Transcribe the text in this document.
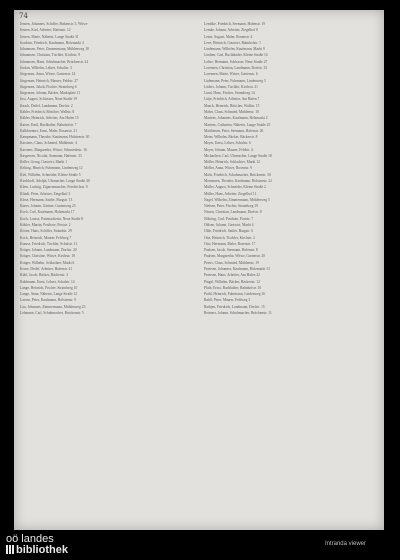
74
Jensen, Johannes, Schiffer, Birkenstr. 5, Witwe
Jensen, Karl, Arbeiter, Hafenstr. 12
Jensen, Marie, Näherin, Lange Straße 31
Joachim, Friedrich, Kaufmann, Holzmarkt 4
Johannsen, Peter, Zimmermann, Mühlenweg 18
Johannsen, Christian, Tischler, Kirchstr. 9
Johannsen, Hans, Schuhmacher, Brückenstr. 22
Jordan, Wilhelm, Lehrer, Schulstr. 3
Jörgensen, Anna, Witwe, Gartenstr. 14
Jörgensen, Heinrich, Maurer, Feldstr. 27
Jürgensen, Jakob, Fischer, Strandweg 6
Jürgensen, Johann, Bäcker, Marktplatz 11
Just, August, Schlosser, Neue Straße 19
Kaack, Detlef, Landmann, Dorfstr. 2
Kähler, Friedrich, Böttcher, Wallstr. 8
Kähler, Heinrich, Arbeiter, Am Hafen 15
Kaiser, Emil, Buchhalter, Bahnhofstr. 7
Kalkbrenner, Ernst, Maler, Rosenstr. 21
Kampmann, Theodor, Kaufmann, Holstenstr. 30
Karstens, Claus, Schmied, Mühlenstr. 4
Karstens, Margaretha, Witwe, Schmiedestr. 16
Kaspersen, Nicolai, Seemann, Hafenstr. 33
Keller, Georg, Gastwirt, Markt 1
Kelting, Hinrich, Fuhrmann, Lindenweg 12
Kiel, Wilhelm, Schneider, Kleine Straße 5
Kirchhoff, Adolph, Uhrmacher, Lange Straße 40
Klein, Ludwig, Zigarrenmacher, Friedrichstr. 9
Klindt, Peter, Arbeiter, Ziegelhof 3
Klose, Hermann, Sattler, Burgstr. 13
Knees, Johann, Gärtner, Gartenweg 25
Koch, Carl, Kaufmann, Holzmarkt 17
Koch, Louise, Putzmacherin, Neue Straße 8
Köhler, Martin, Postbote, Poststr. 2
Köster, Hans, Schiffer, Strandstr. 29
Kock, Heinrich, Maurer, Feldweg 7
Krause, Friedrich, Tischler, Schulstr. 11
Kröger, Johann, Landmann, Dorfstr. 20
Kröger, Christine, Witwe, Kirchstr. 18
Krüger, Wilhelm, Schlachter, Markt 6
Kruse, Detlef, Arbeiter, Hafenstr. 41
Kühl, Jacob, Bäcker, Bäckerstr. 3
Kuhlmann, Ernst, Lehrer, Schulstr. 14
Lange, Heinrich, Fischer, Strandweg 10
Lange, Anna, Näherin, Lange Straße 12
Lassen, Peter, Kaufmann, Holstenstr. 9
Lau, Johannes, Zimmermann, Mühlenweg 23
Lehmann, Carl, Schuhmacher, Brückenstr. 5
Lembke, Friedrich, Seemann, Hafenstr. 19
Lemke, Johann, Arbeiter, Ziegelhof 8
Lentz, August, Maler, Rosenstr. 4
Leve, Heinrich, Gastwirt, Bahnhofstr. 1
Lindemann, Wilhelm, Kaufmann, Markt 9
Lindner, Carl, Buchbinder, Kleine Straße 14
Lohse, Hermann, Schlosser, Neue Straße 27
Lorenzen, Christian, Landmann, Dorfstr. 33
Lorenzen, Marie, Witwe, Gartenstr. 6
Lüdemann, Peter, Fuhrmann, Lindenweg 3
Lüders, Johann, Tischler, Kirchstr. 21
Lund, Hans, Fischer, Strandweg 14
Lütje, Friedrich, Arbeiter, Am Hafen 7
Maack, Heinrich, Böttcher, Wallstr. 15
Mahrt, Claus, Schmied, Mühlenstr. 10
Martens, Johannes, Kaufmann, Holzmarkt 2
Martens, Catharina, Näherin, Lange Straße 25
Matthiesen, Peter, Seemann, Hafenstr. 26
Meier, Wilhelm, Bäcker, Bäckerstr. 8
Meyer, Ernst, Lehrer, Schulstr. 6
Meyer, Johann, Maurer, Feldstr. 4
Michaelsen, Carl, Uhrmacher, Lange Straße 18
Möller, Heinrich, Schlachter, Markt 12
Möller, Anna, Witwe, Rosenstr. 9
Mohr, Friedrich, Schuhmacher, Brückenstr. 30
Mommsen, Theodor, Kaufmann, Holstenstr. 22
Müller, August, Schneider, Kleine Straße 2
Müller, Hans, Arbeiter, Ziegelhof 11
Nagel, Wilhelm, Zimmermann, Mühlenweg 5
Nielsen, Peter, Fischer, Strandweg 19
Nissen, Christian, Landmann, Dorfstr. 8
Nöhring, Carl, Postbote, Poststr. 7
Ohlsen, Johann, Gastwirt, Markt 4
Olde, Friedrich, Sattler, Burgstr. 6
Otte, Heinrich, Tischler, Kirchstr. 2
Otto, Hermann, Maler, Rosenstr. 17
Paulsen, Jacob, Seemann, Hafenstr. 8
Paulsen, Margaretha, Witwe, Gartenstr. 20
Peters, Claus, Schmied, Mühlenstr. 19
Petersen, Johannes, Kaufmann, Holzmarkt 13
Petersen, Hans, Arbeiter, Am Hafen 22
Pingel, Wilhelm, Bäcker, Bäckerstr. 12
Plath, Ernst, Buchhalter, Bahnhofstr. 10
Prahl, Heinrich, Fuhrmann, Lindenweg 16
Rahlf, Peter, Maurer, Feldweg 3
Rathjen, Friedrich, Landmann, Dorfstr. 15
Reimers, Johann, Schuhmacher, Brückenstr. 11
oö landes
bibliothek	Intranda viewer
